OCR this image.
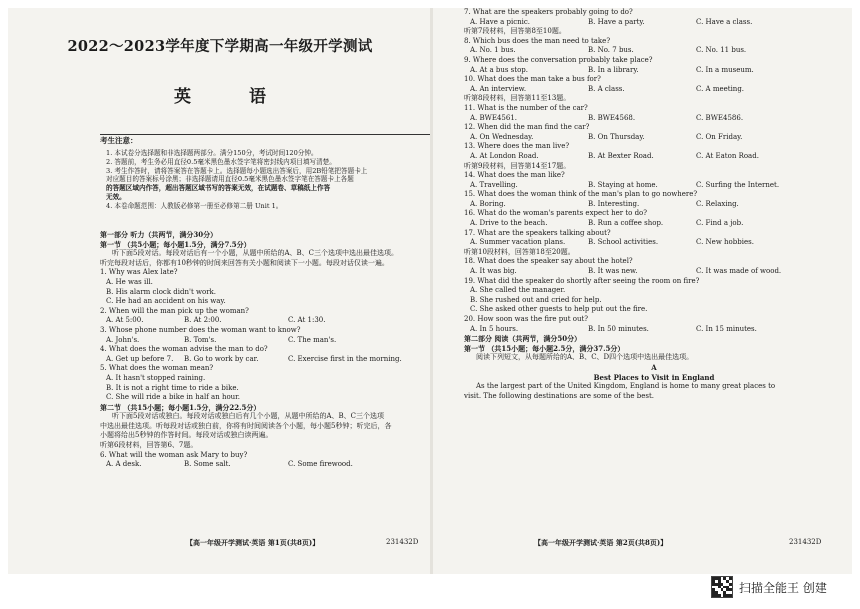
2022～2023学年度下学期高一年级开学测试
英 语
考生注意：
1. 本试卷分选择题和非选择题两部分。满分150分，考试时间120分钟。
2. 答题前，考生务必用直径0.5毫米黑色墨水签字笔将密封线内项目填写清楚。
3. 考生作答时，请将答案答在答题卡上。选择题每小题选出答案后，用2B铅笔把答题卡上
对应题目的答案标号涂黑；非选择题请用直径0.5毫米黑色墨水签字笔在答题卡上各题
的答题区域内作答，超出答题区域书写的答案无效，在试题卷、草稿纸上作答
无效。
4. 本卷命题范围：人教版必修第一册至必修第二册 Unit 1。
第一部分 听力（共两节，满分30分）
第一节 （共5小题；每小题1.5分，满分7.5分）
听下面5段对话。每段对话后有一个小题，从题中所给的A、B、C三个选项中选出最佳选项。
听完每段对话后，你都有10秒钟的时间来回答有关小题和阅读下一小题。每段对话仅读一遍。
1. Why was Alex late?
A. He was ill.
B. His alarm clock didn't work.
C. He had an accident on his way.
2. When will the man pick up the woman?
A. At 5:00.	B. At 2:00.	C. At 1:30.
3. Whose phone number does the woman want to know?
A. John's.	B. Tom's.	C. The man's.
4. What does the woman advise the man to do?
A. Get up before 7.	B. Go to work by car.	C. Exercise first in the morning.
5. What does the woman mean?
A. It hasn't stopped raining.
B. It is not a right time to ride a bike.
C. She will ride a bike in half an hour.
第二节 （共15小题；每小题1.5分，满分22.5分）
听下面5段对话或独白。每段对话或独白后有几个小题，从题中所给的A、B、C三个选项
中选出最佳选项。听每段对话或独白前，你将有时间阅读各个小题，每小题5秒钟；听完后，各
小题将给出5秒钟的作答时间。每段对话或独白读两遍。
听第6段材料，回答第6、7题。
6. What will the woman ask Mary to buy?
A. A desk.	B. Some salt.	C. Some firewood.
【高一年级开学测试·英语 第1页(共8页)】	231432D
7. What are the speakers probably going to do?
A. Have a picnic.	B. Have a party.	C. Have a class.
听第7段材料，回答第8至10题。
8. Which bus does the man need to take?
A. No. 1 bus.	B. No. 7 bus.	C. No. 11 bus.
9. Where does the conversation probably take place?
A. At a bus stop.	B. In a library.	C. In a museum.
10. What does the man take a bus for?
A. An interview.	B. A class.	C. A meeting.
听第8段材料，回答第11至13题。
11. What is the number of the car?
A. BWE4561.	B. BWE4568.	C. BWE4586.
12. When did the man find the car?
A. On Wednesday.	B. On Thursday.	C. On Friday.
13. Where does the man live?
A. At London Road.	B. At Bexter Road.	C. At Eaton Road.
听第9段材料，回答第14至17题。
14. What does the man like?
A. Travelling.	B. Staying at home.	C. Surfing the Internet.
15. What does the woman think of the man's plan to go nowhere?
A. Boring.	B. Interesting.	C. Relaxing.
16. What do the woman's parents expect her to do?
A. Drive to the beach.	B. Run a coffee shop.	C. Find a job.
17. What are the speakers talking about?
A. Summer vacation plans.	B. School activities.	C. New hobbies.
听第10段材料，回答第18至20题。
18. What does the speaker say about the hotel?
A. It was big.	B. It was new.	C. It was made of wood.
19. What did the speaker do shortly after seeing the room on fire?
A. She called the manager.
B. She rushed out and cried for help.
C. She asked other guests to help put out the fire.
20. How soon was the fire put out?
A. In 5 hours.	B. In 50 minutes.	C. In 15 minutes.
第二部分 阅读（共两节，满分50分）
第一节 （共15小题；每小题2.5分，满分37.5分）
阅读下列短文，从每题所给的A、B、C、D四个选项中选出最佳选项。
A
Best Places to Visit in England
As the largest part of the United Kingdom, England is home to many great places to
visit. The following destinations are some of the best.
【高一年级开学测试·英语 第2页(共8页)】	231432D
扫描全能王 创建
